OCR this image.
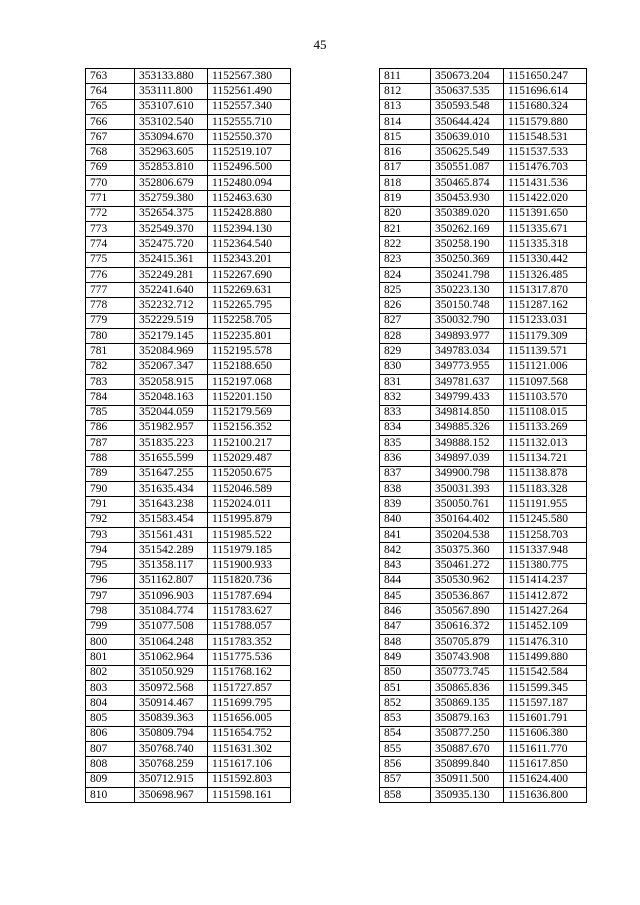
45
763	353133.880	1152567.380
764	353111.800	1152561.490
765	353107.610	1152557.340
766	353102.540	1152555.710
767	353094.670	1152550.370
768	352963.605	1152519.107
769	352853.810	1152496.500
770	352806.679	1152480.094
771	352759.380	1152463.630
772	352654.375	1152428.880
773	352549.370	1152394.130
774	352475.720	1152364.540
775	352415.361	1152343.201
776	352249.281	1152267.690
777	352241.640	1152269.631
778	352232.712	1152265.795
779	352229.519	1152258.705
780	352179.145	1152235.801
781	352084.969	1152195.578
782	352067.347	1152188.650
783	352058.915	1152197.068
784	352048.163	1152201.150
785	352044.059	1152179.569
786	351982.957	1152156.352
787	351835.223	1152100.217
788	351655.599	1152029.487
789	351647.255	1152050.675
790	351635.434	1152046.589
791	351643.238	1152024.011
792	351583.454	1151995.879
793	351561.431	1151985.522
794	351542.289	1151979.185
795	351358.117	1151900.933
796	351162.807	1151820.736
797	351096.903	1151787.694
798	351084.774	1151783.627
799	351077.508	1151788.057
800	351064.248	1151783.352
801	351062.964	1151775.536
802	351050.929	1151768.162
803	350972.568	1151727.857
804	350914.467	1151699.795
805	350839.363	1151656.005
806	350809.794	1151654.752
807	350768.740	1151631.302
808	350768.259	1151617.106
809	350712.915	1151592.803
810	350698.967	1151598.161
811	350673.204	1151650.247
812	350637.535	1151696.614
813	350593.548	1151680.324
814	350644.424	1151579.880
815	350639.010	1151548.531
816	350625.549	1151537.533
817	350551.087	1151476.703
818	350465.874	1151431.536
819	350453.930	1151422.020
820	350389.020	1151391.650
821	350262.169	1151335.671
822	350258.190	1151335.318
823	350250.369	1151330.442
824	350241.798	1151326.485
825	350223.130	1151317.870
826	350150.748	1151287.162
827	350032.790	1151233.031
828	349893.977	1151179.309
829	349783.034	1151139.571
830	349773.955	1151121.006
831	349781.637	1151097.568
832	349799.433	1151103.570
833	349814.850	1151108.015
834	349885.326	1151133.269
835	349888.152	1151132.013
836	349897.039	1151134.721
837	349900.798	1151138.878
838	350031.393	1151183.328
839	350050.761	1151191.955
840	350164.402	1151245.580
841	350204.538	1151258.703
842	350375.360	1151337.948
843	350461.272	1151380.775
844	350530.962	1151414.237
845	350536.867	1151412.872
846	350567.890	1151427.264
847	350616.372	1151452.109
848	350705.879	1151476.310
849	350743.908	1151499.880
850	350773.745	1151542.584
851	350865.836	1151599.345
852	350869.135	1151597.187
853	350879.163	1151601.791
854	350877.250	1151606.380
855	350887.670	1151611.770
856	350899.840	1151617.850
857	350911.500	1151624.400
858	350935.130	1151636.800
